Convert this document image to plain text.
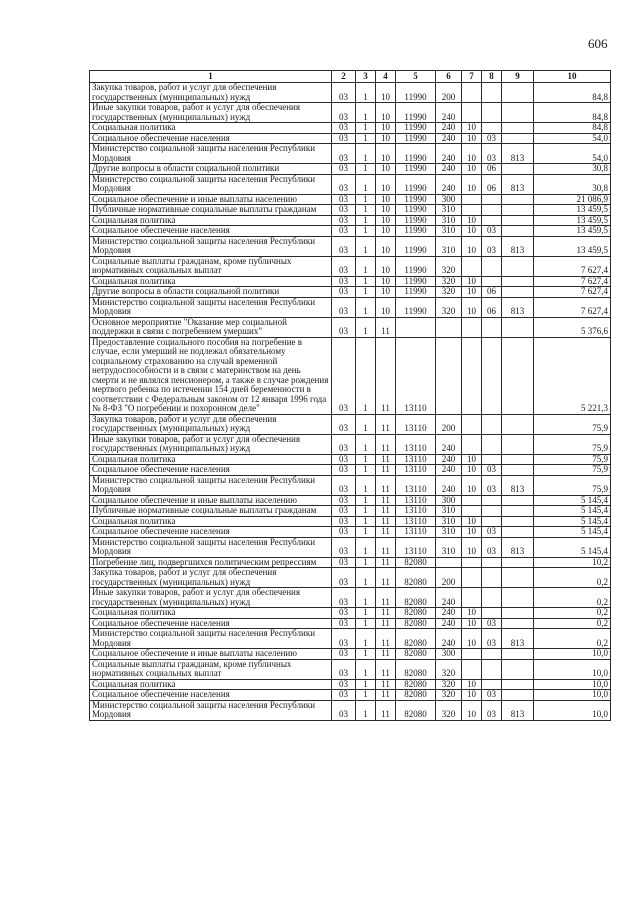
606
1	2	3	4	5	6	7	8	9	10
Закупка товаров, работ и услуг для обеспечения государственных (муниципальных) нужд	03	1	10	11990	200				84,8
Иные закупки товаров, работ и услуг для обеспечения государственных (муниципальных) нужд	03	1	10	11990	240				84,8
Социальная политика	03	1	10	11990	240	10			84,8
Социальное обеспечение населения	03	1	10	11990	240	10	03		54,0
Министерство социальной защиты населения Республики Мордовия	03	1	10	11990	240	10	03	813	54,0
Другие вопросы в области социальной политики	03	1	10	11990	240	10	06		30,8
Министерство социальной защиты населения Республики Мордовия	03	1	10	11990	240	10	06	813	30,8
Социальное обеспечение и иные выплаты населению	03	1	10	11990	300				21 086,9
Публичные нормативные социальные выплаты гражданам	03	1	10	11990	310				13 459,5
Социальная политика	03	1	10	11990	310	10			13 459,5
Социальное обеспечение населения	03	1	10	11990	310	10	03		13 459,5
Министерство социальной защиты населения Республики Мордовия	03	1	10	11990	310	10	03	813	13 459,5
Социальные выплаты гражданам, кроме публичных нормативных социальных выплат	03	1	10	11990	320				7 627,4
Социальная политика	03	1	10	11990	320	10			7 627,4
Другие вопросы в области социальной политики	03	1	10	11990	320	10	06		7 627,4
Министерство социальной защиты населения Республики Мордовия	03	1	10	11990	320	10	06	813	7 627,4
Основное мероприятие "Оказание мер социальной поддержки в связи с погребением умерших"	03	1	11						5 376,6
Предоставление социального пособия на погребение в случае, если умерший не подлежал обязательному социальному страхованию на случай временной нетрудоспособности и в связи с материнством на день смерти и не являлся пенсионером, а также в случае рождения мертвого ребенка по истечении 154 дней беременности в соответствии с Федеральным законом от 12 января 1996 года № 8-ФЗ "О погребении и похоронном деле"	03	1	11	13110					5 221,3
Закупка товаров, работ и услуг для обеспечения государственных (муниципальных) нужд	03	1	11	13110	200				75,9
Иные закупки товаров, работ и услуг для обеспечения государственных (муниципальных) нужд	03	1	11	13110	240				75,9
Социальная политика	03	1	11	13110	240	10			75,9
Социальное обеспечение населения	03	1	11	13110	240	10	03		75,9
Министерство социальной защиты населения Республики Мордовия	03	1	11	13110	240	10	03	813	75,9
Социальное обеспечение и иные выплаты населению	03	1	11	13110	300				5 145,4
Публичные нормативные социальные выплаты гражданам	03	1	11	13110	310				5 145,4
Социальная политика	03	1	11	13110	310	10			5 145,4
Социальное обеспечение населения	03	1	11	13110	310	10	03		5 145,4
Министерство социальной защиты населения Республики Мордовия	03	1	11	13110	310	10	03	813	5 145,4
Погребение лиц, подвергшихся политическим репрессиям	03	1	11	82080					10,2
Закупка товаров, работ и услуг для обеспечения государственных (муниципальных) нужд	03	1	11	82080	200				0,2
Иные закупки товаров, работ и услуг для обеспечения государственных (муниципальных) нужд	03	1	11	82080	240				0,2
Социальная политика	03	1	11	82080	240	10			0,2
Социальное обеспечение населения	03	1	11	82080	240	10	03		0,2
Министерство социальной защиты населения Республики Мордовия	03	1	11	82080	240	10	03	813	0,2
Социальное обеспечение и иные выплаты населению	03	1	11	82080	300				10,0
Социальные выплаты гражданам, кроме публичных нормативных социальных выплат	03	1	11	82080	320				10,0
Социальная политика	03	1	11	82080	320	10			10,0
Социальное обеспечение населения	03	1	11	82080	320	10	03		10,0
Министерство социальной защиты населения Республики Мордовия	03	1	11	82080	320	10	03	813	10,0
